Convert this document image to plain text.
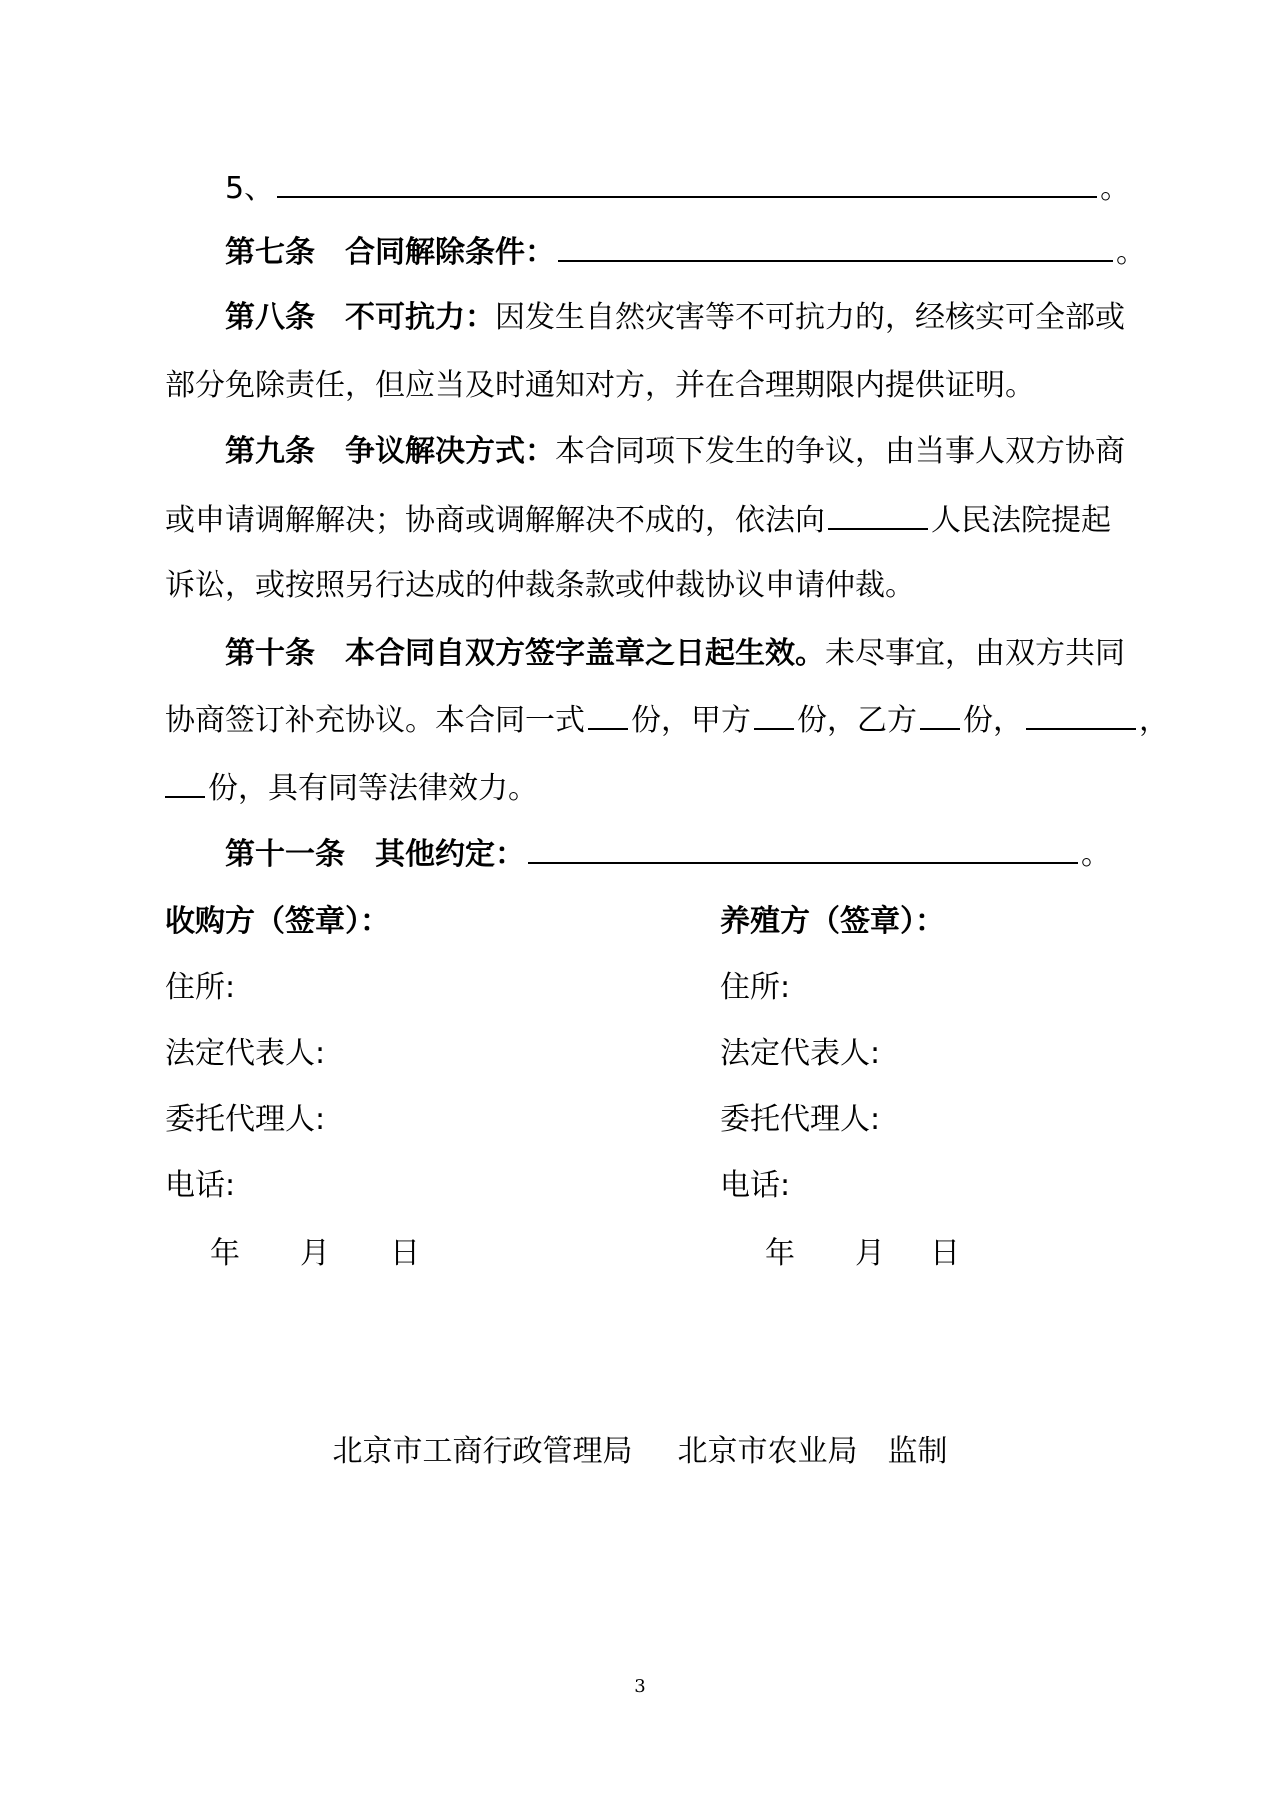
5、	。
第七条　合同解除条件：	。
第八条　不可抗力：因发生自然灾害等不可抗力的，经核实可全部或
部分免除责任，但应当及时通知对方，并在合理期限内提供证明。
第九条　争议解决方式：本合同项下发生的争议，由当事人双方协商
或申请调解解决；协商或调解解决不成的，依法向	人民法院提起
诉讼，或按照另行达成的仲裁条款或仲裁协议申请仲裁。
第十条　本合同自双方签字盖章之日起生效。未尽事宜，由双方共同
协商签订补充协议。本合同一式 份，甲方 份，乙方 份，	，
份，具有同等法律效力。
第十一条　其他约定：	。
收购方（签章）：
住所:
法定代表人:
委托代理人:
电话:
年 月 日
养殖方（签章）：
住所:
法定代表人:
委托代理人:
电话:
年 月 日
北京市工商行政管理局 北京市农业局 监制
3
